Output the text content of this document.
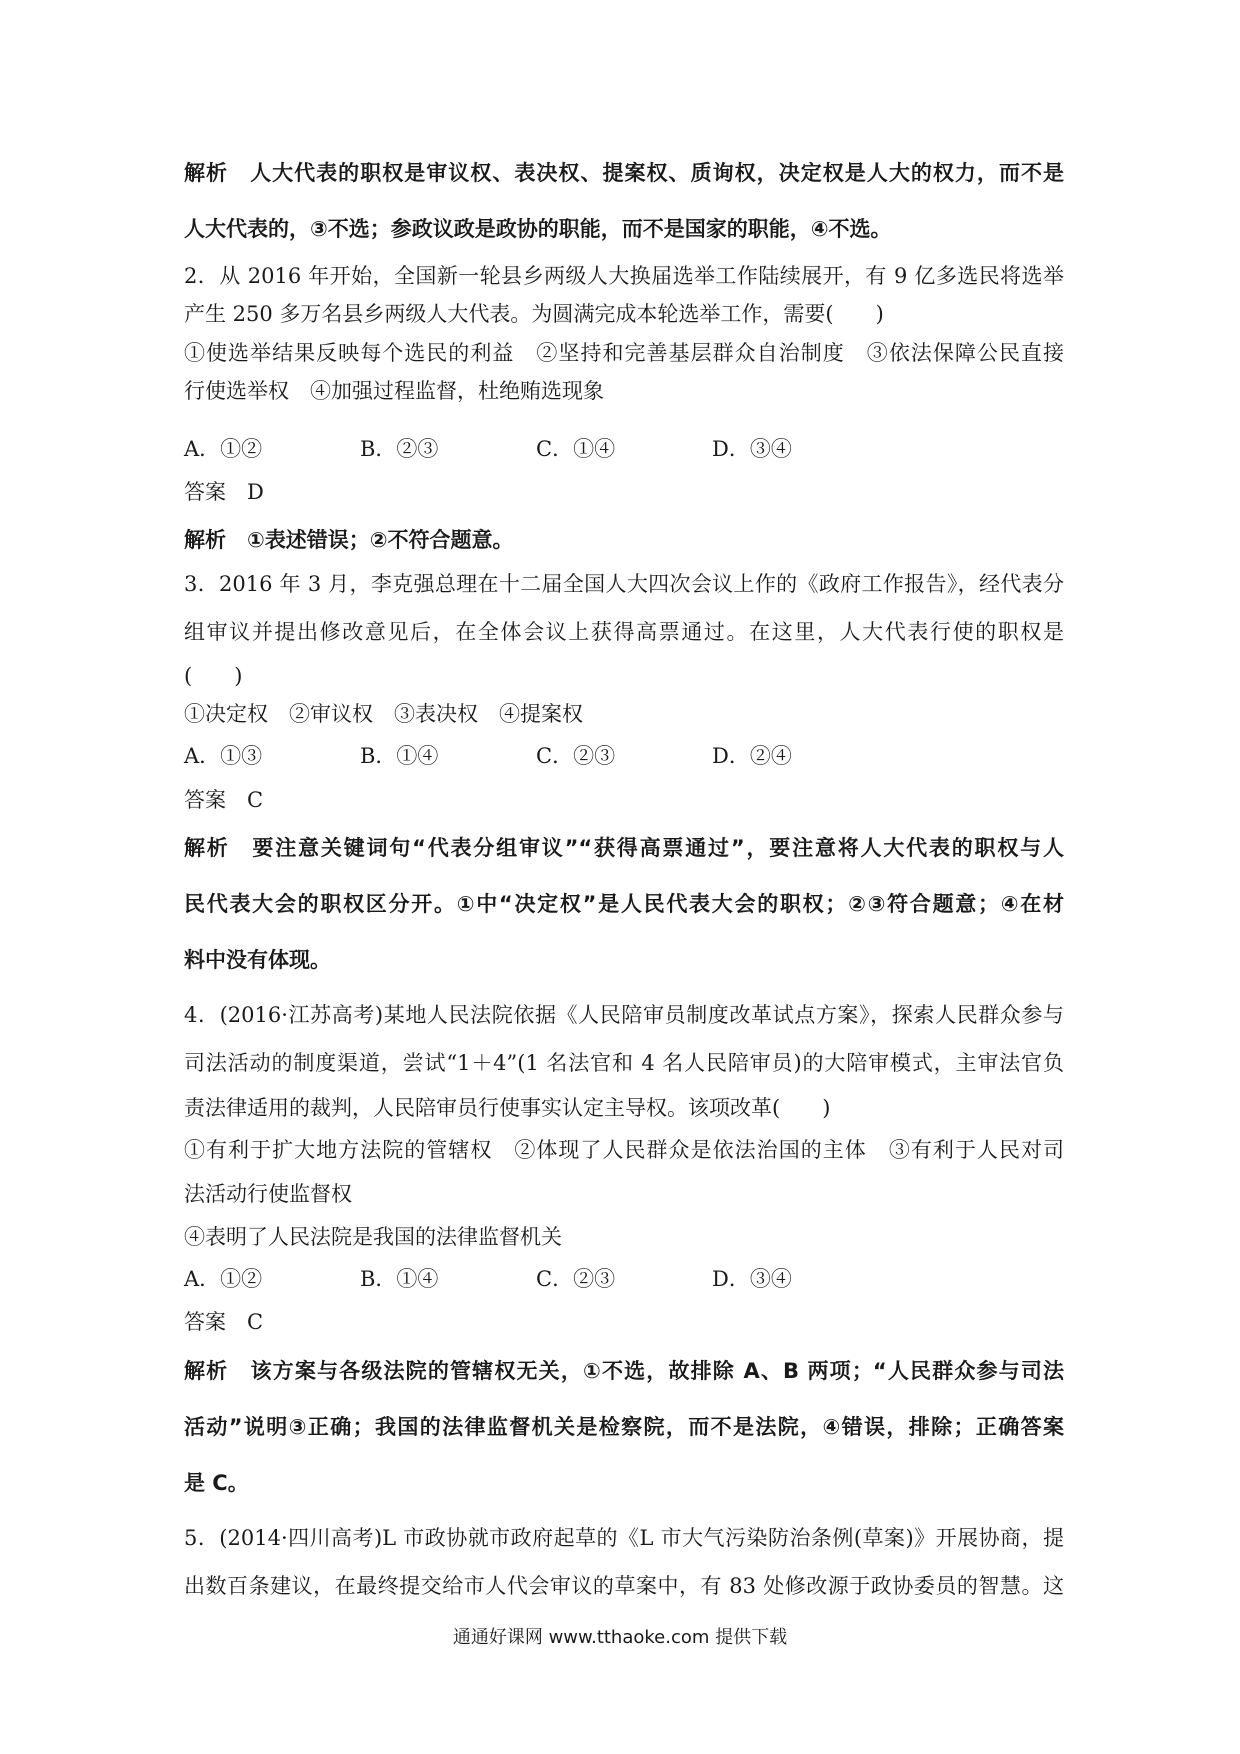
解析　人大代表的职权是审议权、表决权、提案权、质询权，决定权是人大的权力，而不是
人大代表的，③不选；参政议政是政协的职能，而不是国家的职能，④不选。
2．从 2016 年开始，全国新一轮县乡两级人大换届选举工作陆续展开，有 9 亿多选民将选举
产生 250 多万名县乡两级人大代表。为圆满完成本轮选举工作，需要(　　)
①使选举结果反映每个选民的利益　②坚持和完善基层群众自治制度　③依法保障公民直接
行使选举权　④加强过程监督，杜绝贿选现象
A．①②	B．②③	C．①④	D．③④
答案　D
解析　①表述错误；②不符合题意。
3．2016 年 3 月，李克强总理在十二届全国人大四次会议上作的《政府工作报告》，经代表分
组审议并提出修改意见后，在全体会议上获得高票通过。在这里，人大代表行使的职权是
(　　)
①决定权　②审议权　③表决权　④提案权
A．①③	B．①④	C．②③	D．②④
答案　C
解析　要注意关键词句“代表分组审议”“获得高票通过”，要注意将人大代表的职权与人
民代表大会的职权区分开。①中“决定权”是人民代表大会的职权；②③符合题意；④在材
料中没有体现。
4．(2016·江苏高考)某地人民法院依据《人民陪审员制度改革试点方案》，探索人民群众参与
司法活动的制度渠道，尝试“1＋4”(1 名法官和 4 名人民陪审员)的大陪审模式，主审法官负
责法律适用的裁判，人民陪审员行使事实认定主导权。该项改革(　　)
①有利于扩大地方法院的管辖权　②体现了人民群众是依法治国的主体　③有利于人民对司
法活动行使监督权
④表明了人民法院是我国的法律监督机关
A．①②	B．①④	C．②③	D．③④
答案　C
解析　该方案与各级法院的管辖权无关，①不选，故排除 A、B 两项；“人民群众参与司法
活动”说明③正确；我国的法律监督机关是检察院，而不是法院，④错误，排除；正确答案
是 C。
5．(2014·四川高考)L 市政协就市政府起草的《L 市大气污染防治条例(草案)》开展协商，提
出数百条建议，在最终提交给市人代会审议的草案中，有 83 处修改源于政协委员的智慧。这
通通好课网 www.tthaoke.com 提供下载
